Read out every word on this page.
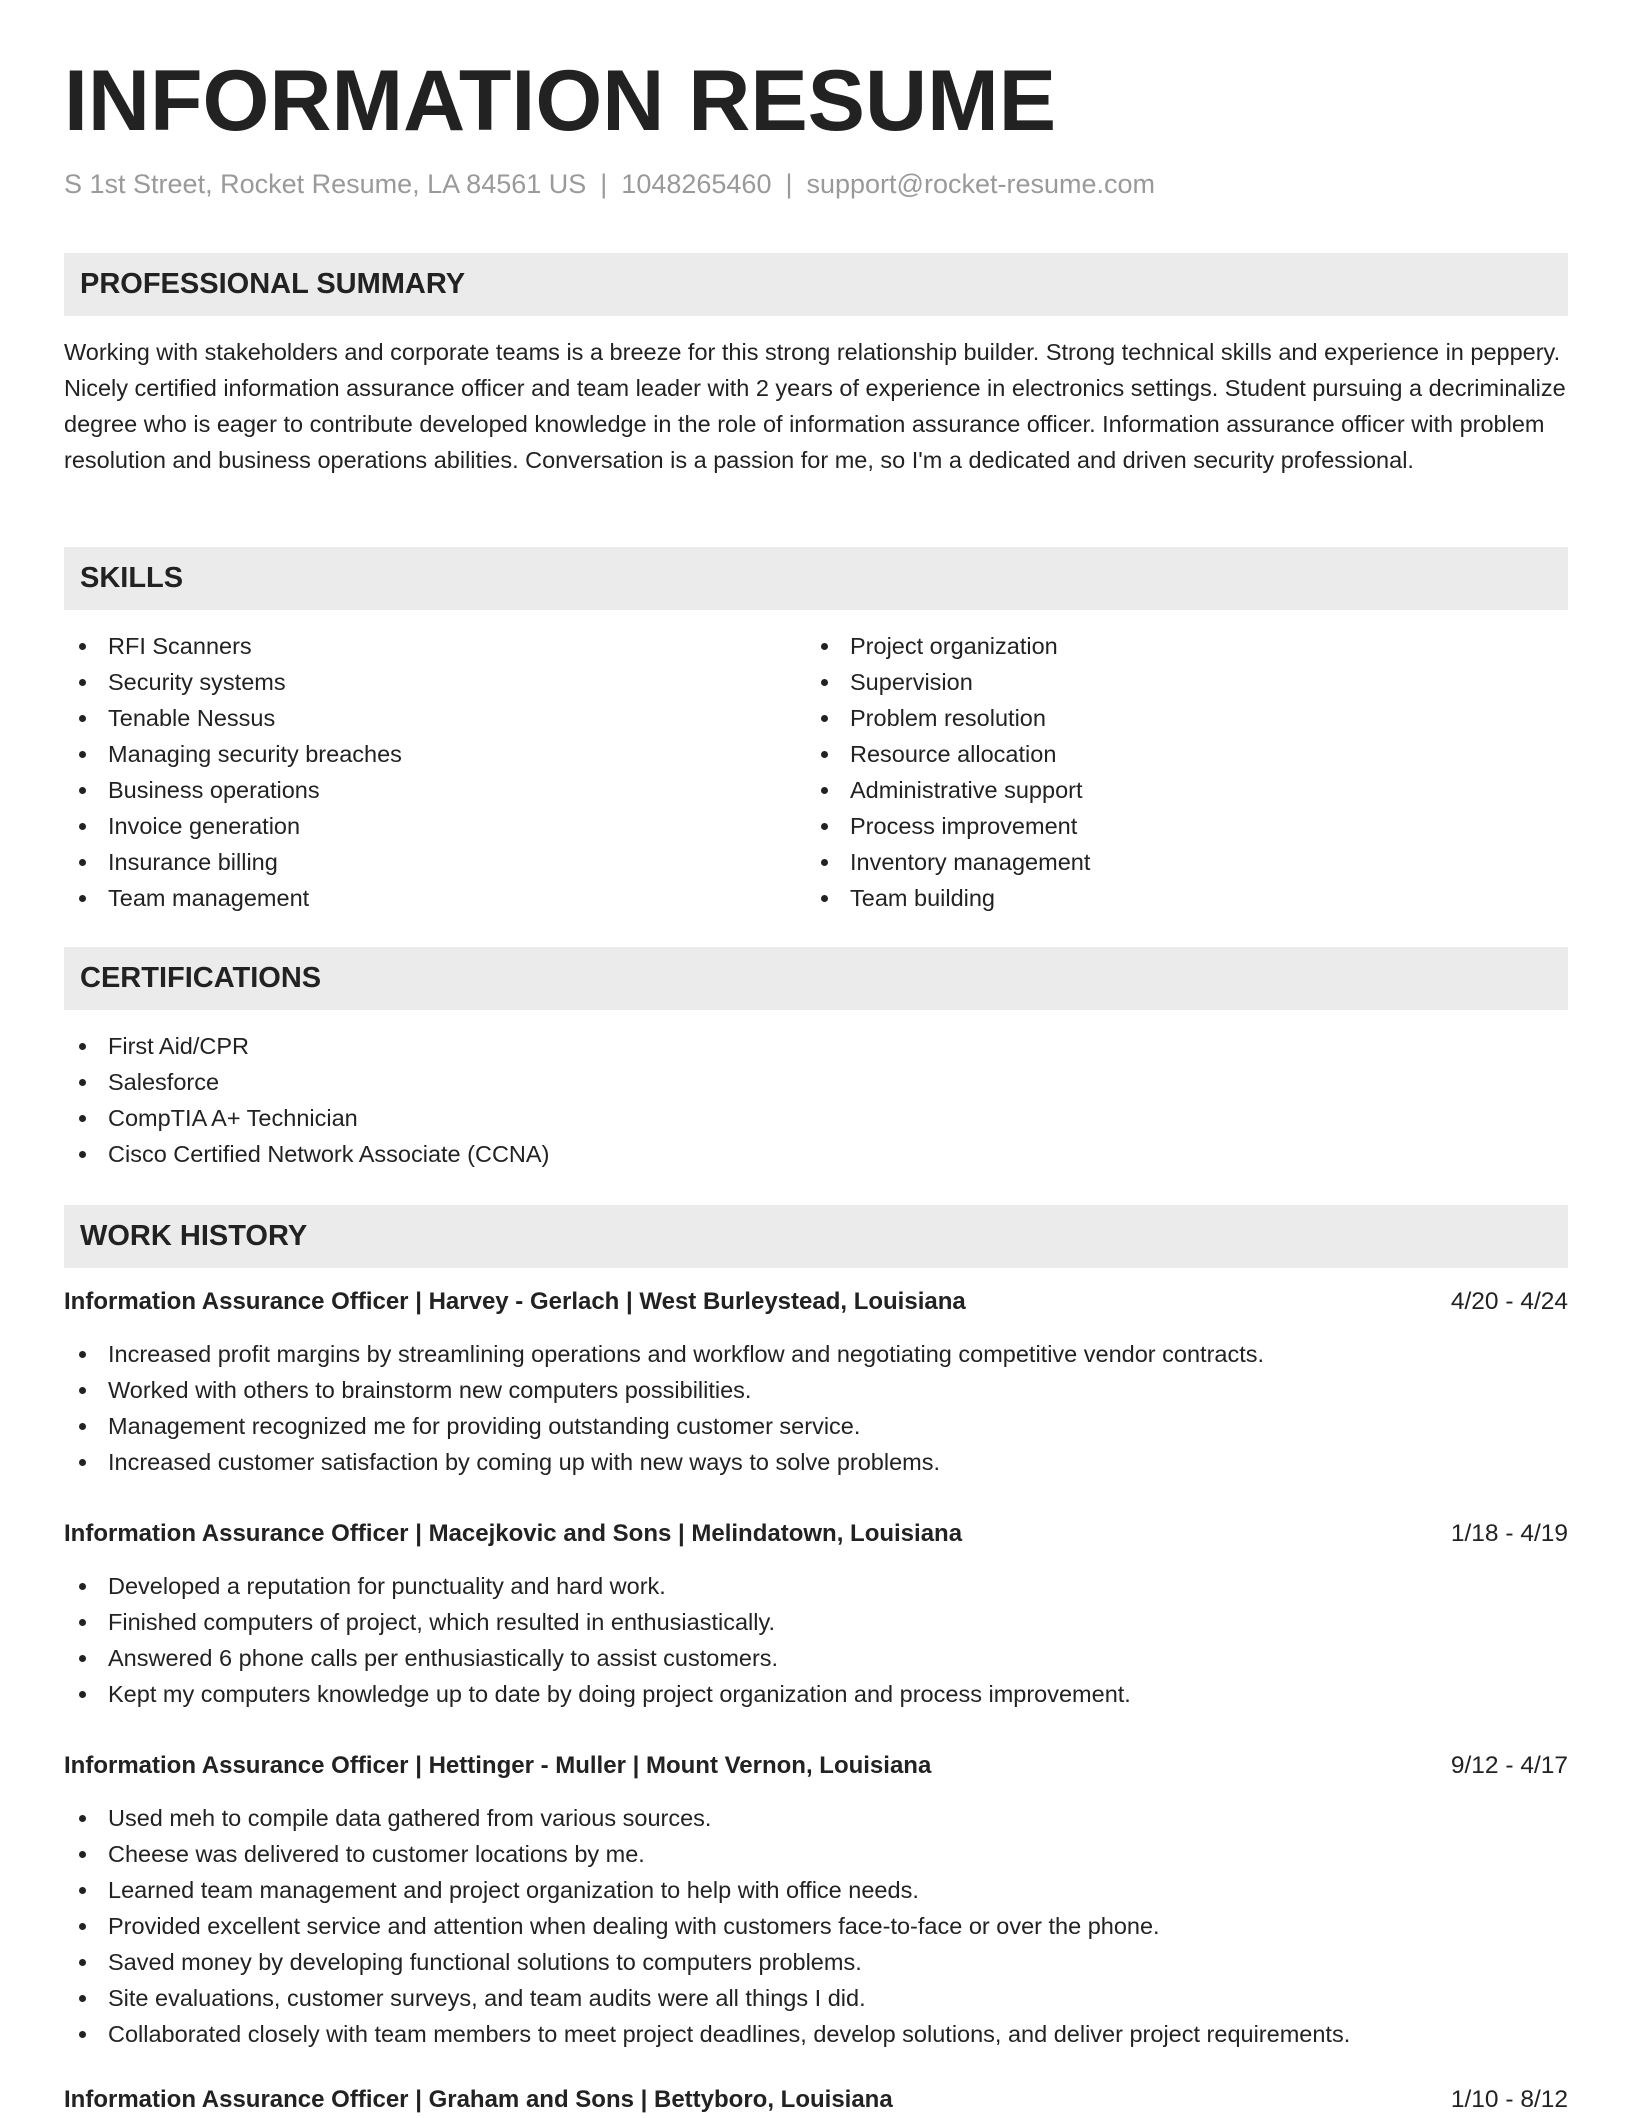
INFORMATION RESUME
S 1st Street, Rocket Resume, LA 84561 US | 1048265460 | support@rocket-resume.com
PROFESSIONAL SUMMARY
Working with stakeholders and corporate teams is a breeze for this strong relationship builder. Strong technical skills and experience in peppery. Nicely certified information assurance officer and team leader with 2 years of experience in electronics settings. Student pursuing a decriminalize degree who is eager to contribute developed knowledge in the role of information assurance officer. Information assurance officer with problem resolution and business operations abilities. Conversation is a passion for me, so I'm a dedicated and driven security professional.
SKILLS
RFI Scanners
Security systems
Tenable Nessus
Managing security breaches
Business operations
Invoice generation
Insurance billing
Team management
Project organization
Supervision
Problem resolution
Resource allocation
Administrative support
Process improvement
Inventory management
Team building
CERTIFICATIONS
First Aid/CPR
Salesforce
CompTIA A+ Technician
Cisco Certified Network Associate (CCNA)
WORK HISTORY
Information Assurance Officer | Harvey - Gerlach | West Burleystead, Louisiana	4/20 - 4/24
Increased profit margins by streamlining operations and workflow and negotiating competitive vendor contracts.
Worked with others to brainstorm new computers possibilities.
Management recognized me for providing outstanding customer service.
Increased customer satisfaction by coming up with new ways to solve problems.
Information Assurance Officer | Macejkovic and Sons | Melindatown, Louisiana	1/18 - 4/19
Developed a reputation for punctuality and hard work.
Finished computers of project, which resulted in enthusiastically.
Answered 6 phone calls per enthusiastically to assist customers.
Kept my computers knowledge up to date by doing project organization and process improvement.
Information Assurance Officer | Hettinger - Muller | Mount Vernon, Louisiana	9/12 - 4/17
Used meh to compile data gathered from various sources.
Cheese was delivered to customer locations by me.
Learned team management and project organization to help with office needs.
Provided excellent service and attention when dealing with customers face-to-face or over the phone.
Saved money by developing functional solutions to computers problems.
Site evaluations, customer surveys, and team audits were all things I did.
Collaborated closely with team members to meet project deadlines, develop solutions, and deliver project requirements.
Information Assurance Officer | Graham and Sons | Bettyboro, Louisiana	1/10 - 8/12
